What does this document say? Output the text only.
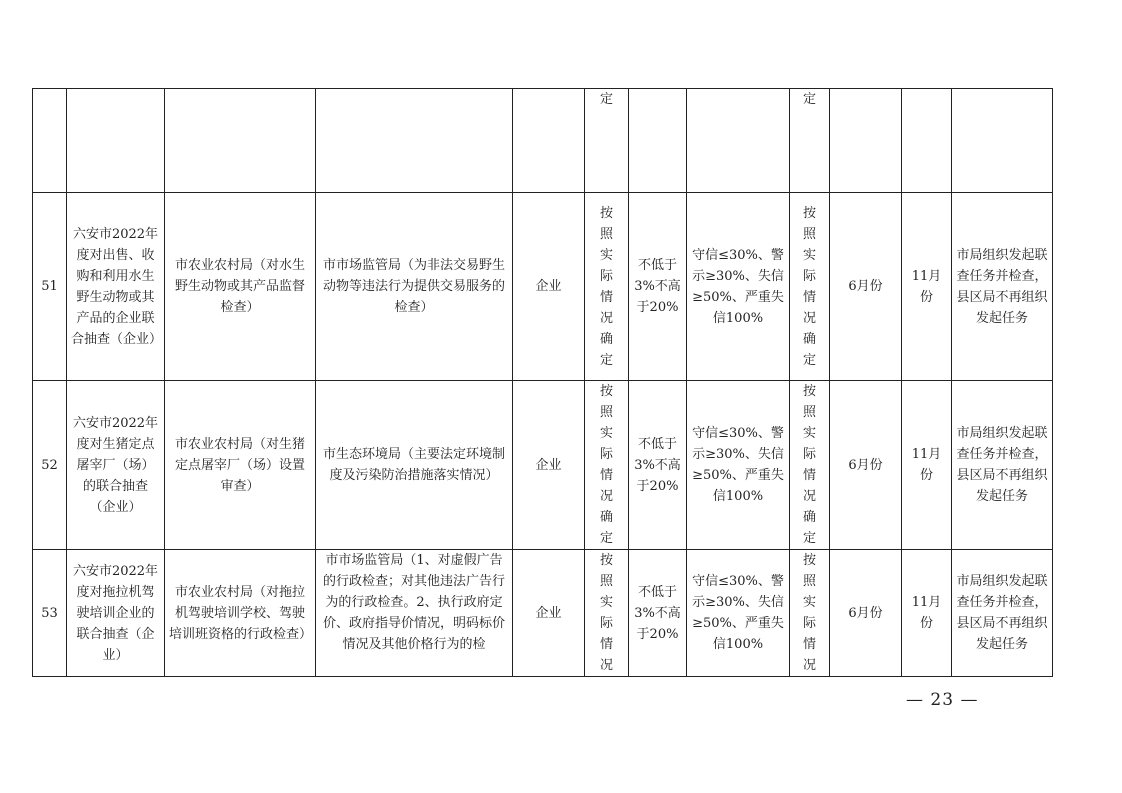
					定			定			
51	六安市2022年度对出售、收购和利用水生野生动物或其产品的企业联合抽查（企业）	市农业农村局（对水生野生动物或其产品监督检查）	市市场监管局（为非法交易野生动物等违法行为提供交易服务的检查）	企业	按照实际情况确定	不低于3%不高于20%	守信≤30%、警示≥30%、失信≥50%、严重失信100%	按照实际情况确定	6月份	11月份	市局组织发起联查任务并检查，县区局不再组织发起任务
52	六安市2022年度对生猪定点屠宰厂（场）的联合抽查（企业）	市农业农村局（对生猪定点屠宰厂（场）设置审查）	市生态环境局（主要法定环境制度及污染防治措施落实情况）	企业	按照实际情况确定	不低于3%不高于20%	守信≤30%、警示≥30%、失信≥50%、严重失信100%	按照实际情况确定	6月份	11月份	市局组织发起联查任务并检查，县区局不再组织发起任务
53	六安市2022年度对拖拉机驾驶培训企业的联合抽查（企业）	市农业农村局（对拖拉机驾驶培训学校、驾驶培训班资格的行政检查）	市市场监管局（1、对虚假广告的行政检查；对其他违法广告行为的行政检查。2、执行政府定价、政府指导价情况，明码标价情况及其他价格行为的检	企业	按照实际情况	不低于3%不高于20%	守信≤30%、警示≥30%、失信≥50%、严重失信100%	按照实际情况	6月份	11月份	市局组织发起联查任务并检查，县区局不再组织发起任务
— 23 —
